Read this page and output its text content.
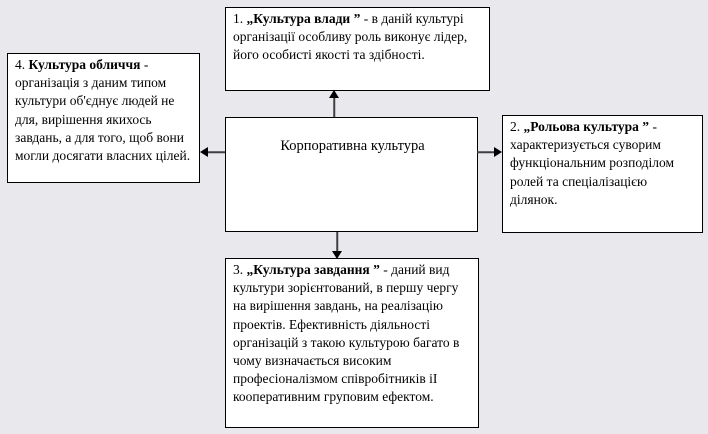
1. „Культура влади ” - в даній культурі організації особливу роль виконує лідер, його особисті якості та здібності.
4. Культура обличчя - організація з даним типом культури об'єднує людей не для, вирішення якихось завдань, а для того, щоб вони могли досягати власних цілей.
Корпоративна культура
2. „Рольова культура ” - характеризується суворим функціональним розподілом ролей та спеціалізацією ділянок.
3. „Культура завдання ” - даний вид культури зорієнтований, в першу чергу на вирішення завдань, на реалізацію проектів. Ефективність діяльності організацій з такою культурою багато в чому визначається високим професіоналізмом співробітників іІ кооперативним груповим ефектом.
